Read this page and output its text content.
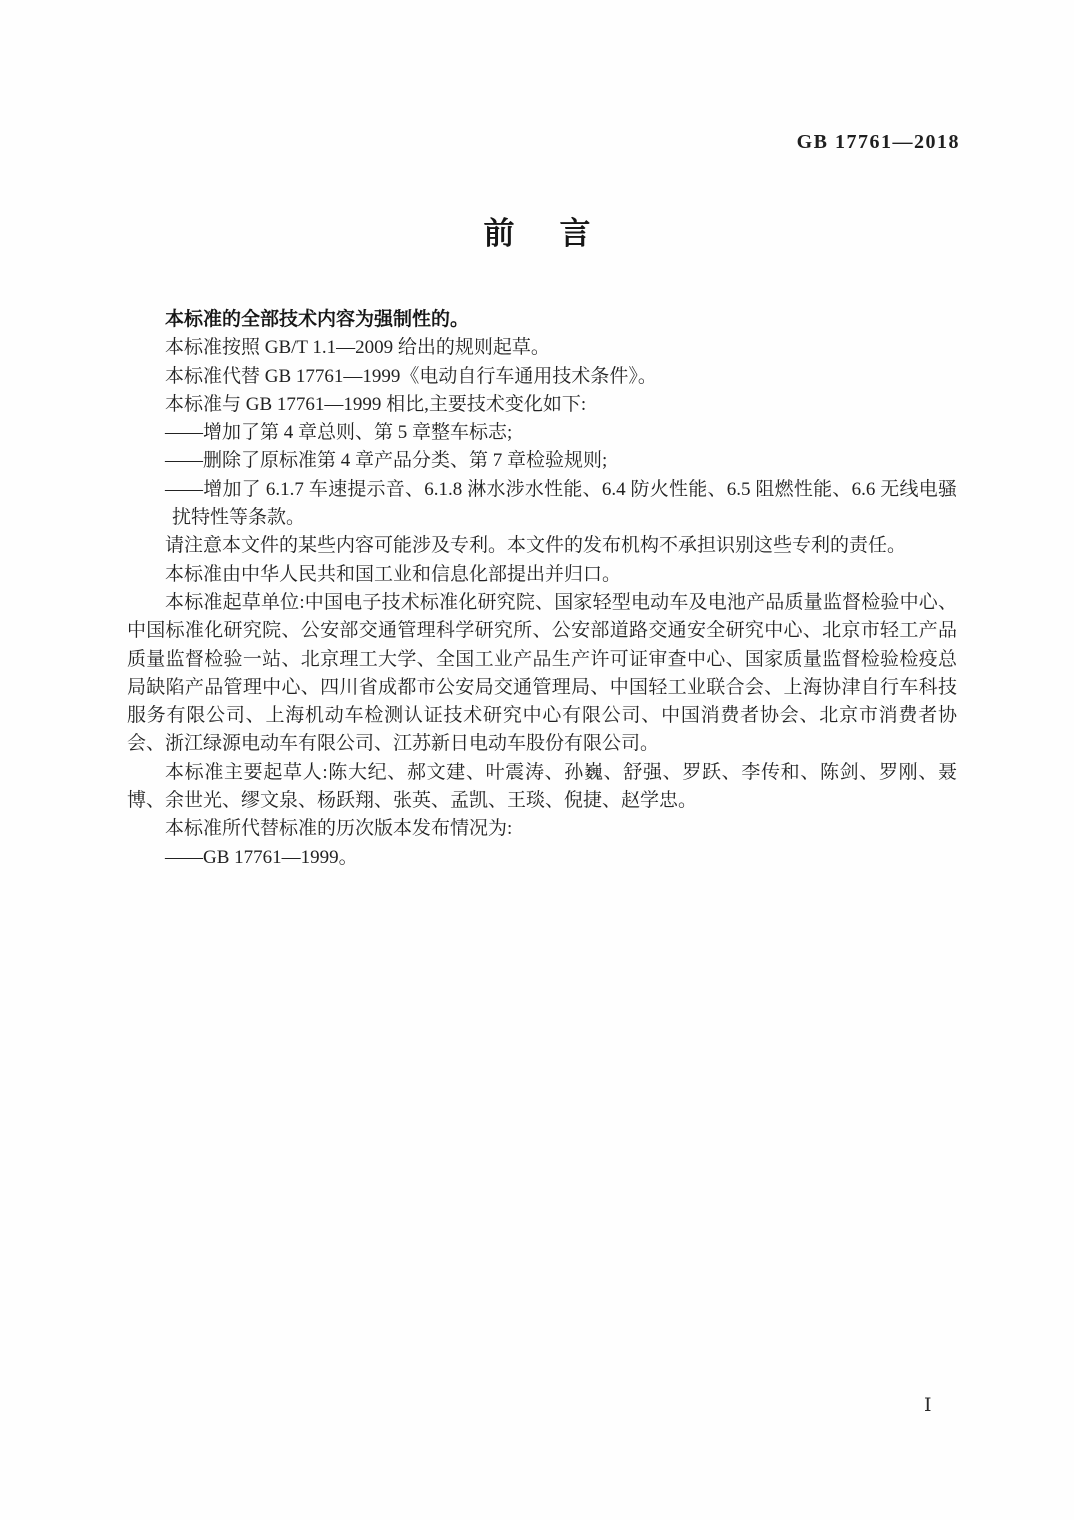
GB 17761—2018
前　言

本标准的全部技术内容为强制性的。

本标准按照 GB/T 1.1—2009 给出的规则起草。

本标准代替 GB 17761—1999《电动自行车通用技术条件》。

本标准与 GB 17761—1999 相比,主要技术变化如下:

——增加了第 4 章总则、第 5 章整车标志;

——删除了原标准第 4 章产品分类、第 7 章检验规则;

——增加了 6.1.7 车速提示音、6.1.8 淋水涉水性能、6.4 防火性能、6.5 阻燃性能、6.6 无线电骚扰特性等条款。

请注意本文件的某些内容可能涉及专利。本文件的发布机构不承担识别这些专利的责任。

本标准由中华人民共和国工业和信息化部提出并归口。

本标准起草单位:中国电子技术标准化研究院、国家轻型电动车及电池产品质量监督检验中心、中国标准化研究院、公安部交通管理科学研究所、公安部道路交通安全研究中心、北京市轻工产品质量监督检验一站、北京理工大学、全国工业产品生产许可证审查中心、国家质量监督检验检疫总局缺陷产品管理中心、四川省成都市公安局交通管理局、中国轻工业联合会、上海协津自行车科技服务有限公司、上海机动车检测认证技术研究中心有限公司、中国消费者协会、北京市消费者协会、浙江绿源电动车有限公司、江苏新日电动车股份有限公司。

本标准主要起草人:陈大纪、郝文建、叶震涛、孙巍、舒强、罗跃、李传和、陈剑、罗刚、聂博、余世光、缪文泉、杨跃翔、张英、孟凯、王琰、倪捷、赵学忠。

本标准所代替标准的历次版本发布情况为:

——GB 17761—1999。

Ⅰ
